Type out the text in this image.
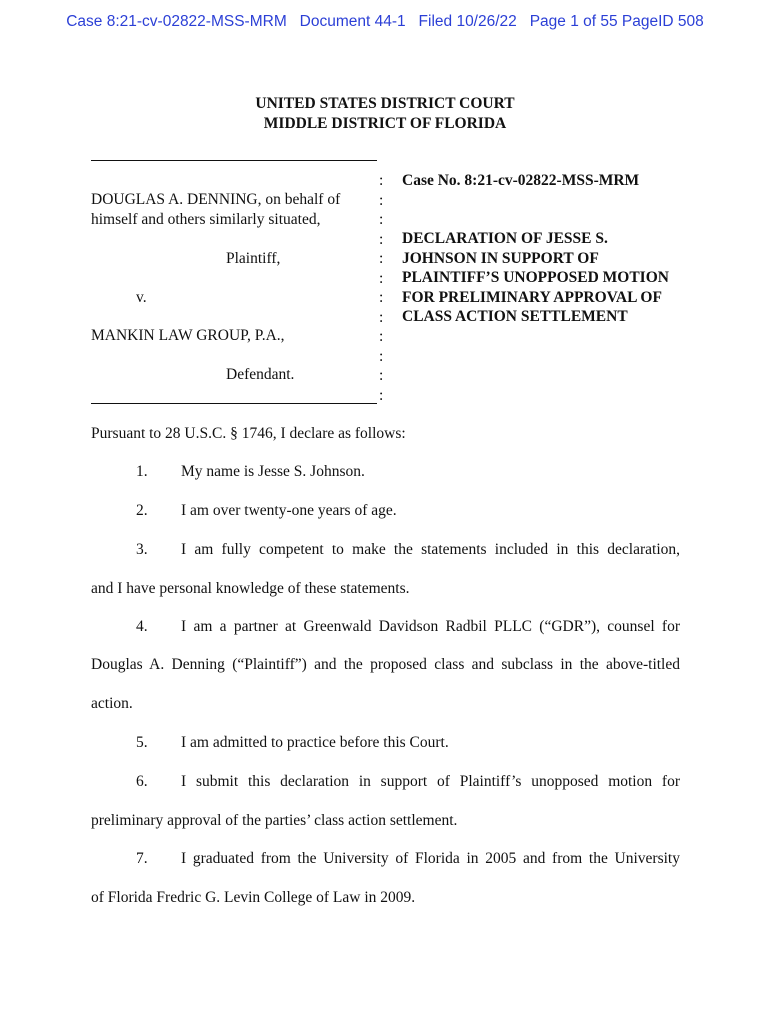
Case 8:21-cv-02822-MSS-MRM   Document 44-1   Filed 10/26/22   Page 1 of 55 PageID 508
UNITED STATES DISTRICT COURT
MIDDLE DISTRICT OF FLORIDA
DOUGLAS A. DENNING, on behalf of
himself and others similarly situated,
Plaintiff,
v.
MANKIN LAW GROUP, P.A.,
Defendant.
:
:
:
:
:
:
:
:
:
:
:
:
Case No. 8:21-cv-02822-MSS-MRM
DECLARATION OF JESSE S.
JOHNSON IN SUPPORT OF
PLAINTIFF’S UNOPPOSED MOTION
FOR PRELIMINARY APPROVAL OF
CLASS ACTION SETTLEMENT
Pursuant to 28 U.S.C. § 1746, I declare as follows:
1. My name is Jesse S. Johnson.
2. I am over twenty-one years of age.
3. I am fully competent to make the statements included in this declaration,
and I have personal knowledge of these statements.
4. I am a partner at Greenwald Davidson Radbil PLLC (“GDR”), counsel for
Douglas A. Denning (“Plaintiff”) and the proposed class and subclass in the above-titled
action.
5. I am admitted to practice before this Court.
6. I submit this declaration in support of Plaintiff’s unopposed motion for
preliminary approval of the parties’ class action settlement.
7. I graduated from the University of Florida in 2005 and from the University
of Florida Fredric G. Levin College of Law in 2009.
